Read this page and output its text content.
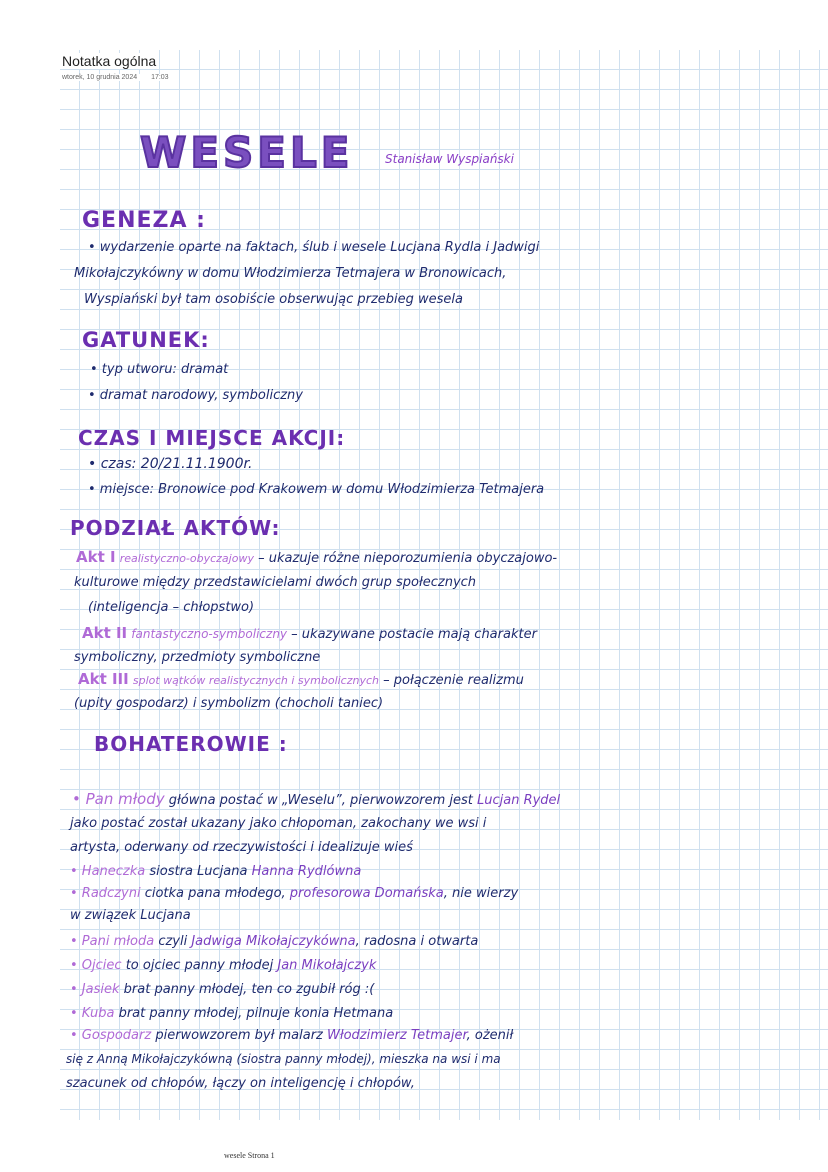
Notatka ogólna
wtorek, 10 grudnia 2024 17:03
WESELE	Stanisław Wyspiański
GENEZA :
• wydarzenie oparte na faktach, ślub i wesele Lucjana Rydla i Jadwigi
Mikołajczykówny w domu Włodzimierza Tetmajera w Bronowicach,
Wyspiański był tam osobiście obserwując przebieg wesela
GATUNEK:
• typ utworu: dramat
• dramat narodowy, symboliczny
CZAS I MIEJSCE AKCJI:
• czas: 20/21.11.1900r.
• miejsce: Bronowice pod Krakowem w domu Włodzimierza Tetmajera
PODZIAŁ AKTÓW:
Akt I realistyczno-obyczajowy – ukazuje różne nieporozumienia obyczajowo-
kulturowe między przedstawicielami dwóch grup społecznych
(inteligencja – chłopstwo)
Akt II fantastyczno-symboliczny – ukazywane postacie mają charakter
symboliczny, przedmioty symboliczne
Akt III splot wątków realistycznych i symbolicznych – połączenie realizmu
(upity gospodarz) i symbolizm (chocholi taniec)
BOHATEROWIE :
• Pan młody główna postać w „Weselu”, pierwowzorem jest Lucjan Rydel
jako postać został ukazany jako chłopoman, zakochany we wsi i
artysta, oderwany od rzeczywistości i idealizuje wieś
• Haneczka siostra Lucjana Hanna Rydlówna
• Radczyni ciotka pana młodego, profesorowa Domańska, nie wierzy
w związek Lucjana
• Pani młoda czyli Jadwiga Mikołajczykówna, radosna i otwarta
• Ojciec to ojciec panny młodej Jan Mikołajczyk
• Jasiek brat panny młodej, ten co zgubił róg :(
• Kuba brat panny młodej, pilnuje konia Hetmana
• Gospodarz pierwowzorem był malarz Włodzimierz Tetmajer, ożenił
się z Anną Mikołajczykówną (siostra panny młodej), mieszka na wsi i ma
szacunek od chłopów, łączy on inteligencję i chłopów,
wesele Strona 1
